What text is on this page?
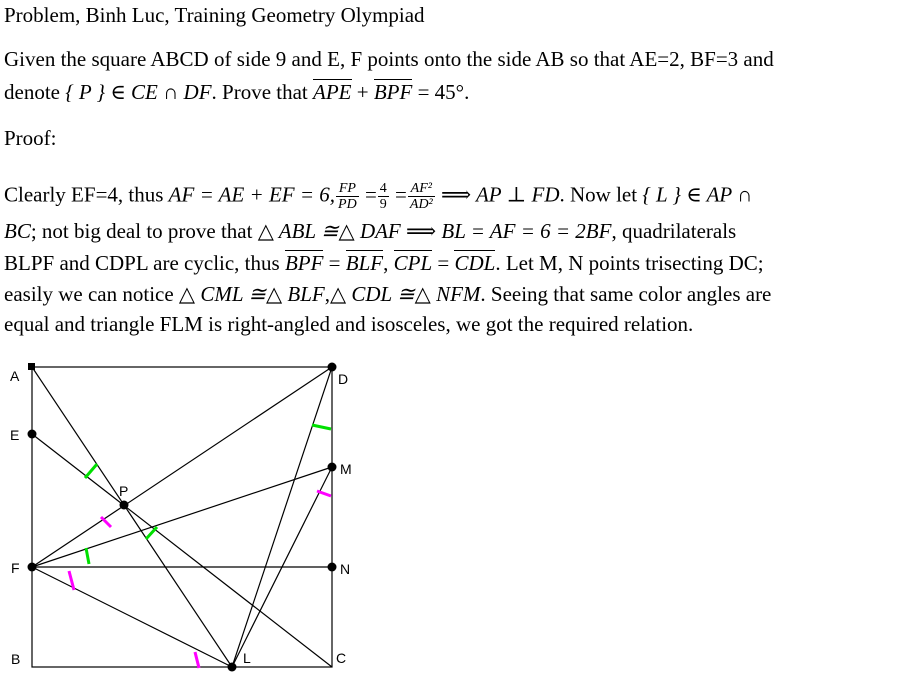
Problem, Binh Luc, Training Geometry Olympiad
Given the square ABCD of side 9 and E, F points onto the side AB so that AE=2, BF=3 and
denote { P } ∈ CE ∩ DF. Prove that APE + BPF = 45°.
Proof:
Clearly EF=4, thus AF = AE + EF = 6, $\frac{FP}{PD} = \frac{4}{9} = \frac{\text{AF²}}{\text{AD²}}$ ⟹ AP ⊥ FD. Now let { L } ∈ AP ∩
BC; not big deal to prove that △ ABL ≅△ DAF ⟹ BL = AF = 6 = 2BF, quadrilaterals
BLPF and CDPL are cyclic, thus BPF = BLF, CPL = CDL. Let M, N points trisecting DC;
easily we can notice △ CML ≅△ BLF,△ CDL ≅△ NFM. Seeing that same color angles are
equal and triangle FLM is right-angled and isosceles, we got the required relation.
A
E
F
B
P
L	C
N
M
D
